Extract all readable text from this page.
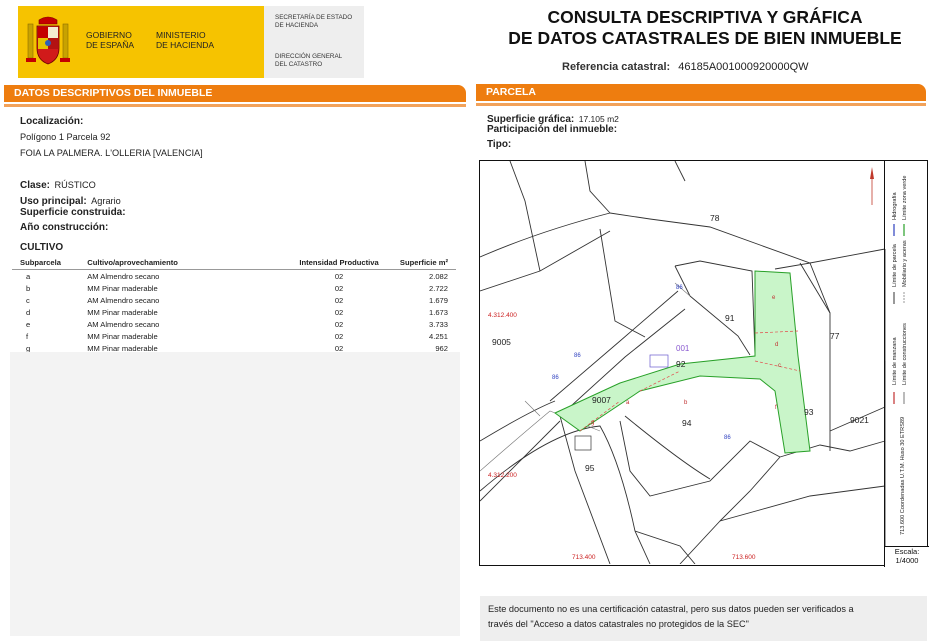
GOBIERNO
DE ESPAÑA
MINISTERIO
DE HACIENDA
SECRETARÍA DE ESTADO
DE HACIENDA
DIRECCIÓN GENERAL
DEL CATASTRO
CONSULTA DESCRIPTIVA Y GRÁFICA
DE DATOS CATASTRALES DE BIEN INMUEBLE
Referencia catastral: 46185A001000920000QW
DATOS DESCRIPTIVOS DEL INMUEBLE
Localización:
Polígono 1 Parcela 92
FOIA LA PALMERA. L'OLLERIA [VALENCIA]
Clase: RÚSTICO
Uso principal: Agrario
Superficie construida:
Año construcción:
CULTIVO
Subparcela	Cultivo/aprovechamiento	Intensidad Productiva	Superficie m²
a	AM Almendro secano	02	2.082
b	MM Pinar maderable	02	2.722
c	AM Almendro secano	02	1.679
d	MM Pinar maderable	02	1.673
e	AM Almendro secano	02	3.733
f	MM Pinar maderable	02	4.251
g	MM Pinar maderable	02	962
PARCELA
Superficie gráfica: 17.105 m2
Participación del inmueble:
Tipo:
78
91
77
9005
92
9007
94
93
9021
95
a	b
c
d
e
f
g
4.312.400
4.312.200
713.400	713.600
86
86
86
86
001
713.600 Coordenadas U.T.M. Huso 30 ETRS89
Límite de manzana
Límite de parcela
Hidrografía
Límite de construcciones
Mobiliario y aceras
Límite zona verde
Escala:
1/4000
Este documento no es una certificación catastral, pero sus datos pueden ser verificados a
través del "Acceso a datos catastrales no protegidos de la SEC"
